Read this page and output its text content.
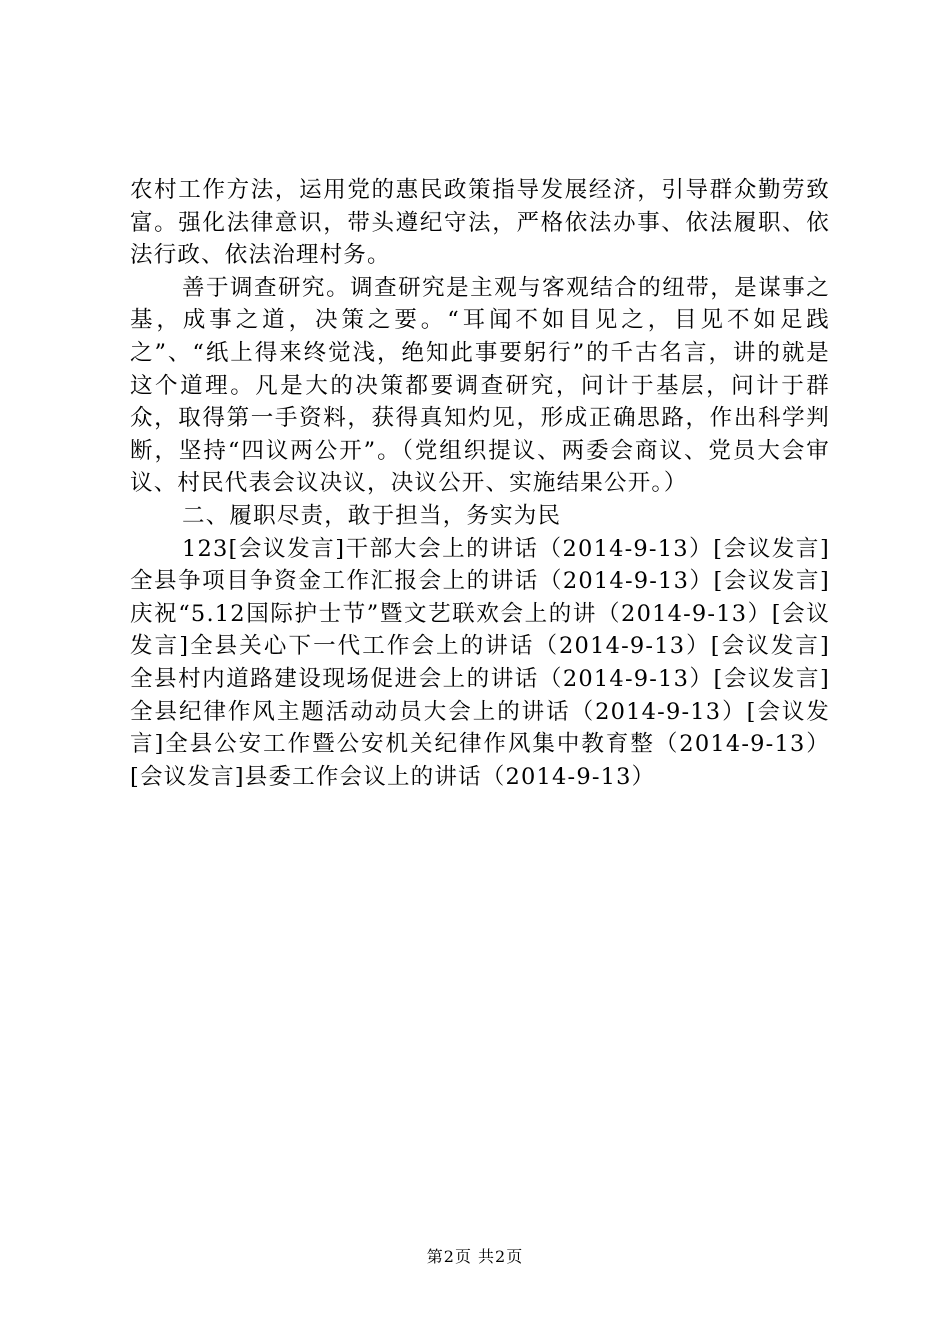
农村工作方法，运用党的惠民政策指导发展经济，引导群众勤劳致富。强化法律意识，带头遵纪守法，严格依法办事、依法履职、依法行政、依法治理村务。

善于调查研究。调查研究是主观与客观结合的纽带，是谋事之基，成事之道，决策之要。“耳闻不如目见之，目见不如足践之”、“纸上得来终觉浅，绝知此事要躬行”的千古名言，讲的就是这个道理。凡是大的决策都要调查研究，问计于基层，问计于群众，取得第一手资料，获得真知灼见，形成正确思路，作出科学判断，坚持“四议两公开”。（党组织提议、两委会商议、党员大会审议、村民代表会议决议，决议公开、实施结果公开。）

二、履职尽责，敢于担当，务实为民

123[会议发言]干部大会上的讲话（2014-9-13）[会议发言]全县争项目争资金工作汇报会上的讲话（2014-9-13）[会议发言]庆祝“5.12国际护士节”暨文艺联欢会上的讲（2014-9-13）[会议发言]全县关心下一代工作会上的讲话（2014-9-13）[会议发言]全县村内道路建设现场促进会上的讲话（2014-9-13）[会议发言]全县纪律作风主题活动动员大会上的讲话（2014-9-13）[会议发言]全县公安工作暨公安机关纪律作风集中教育整（2014-9-13）[会议发言]县委工作会议上的讲话（2014-9-13）

第2页 共2页
